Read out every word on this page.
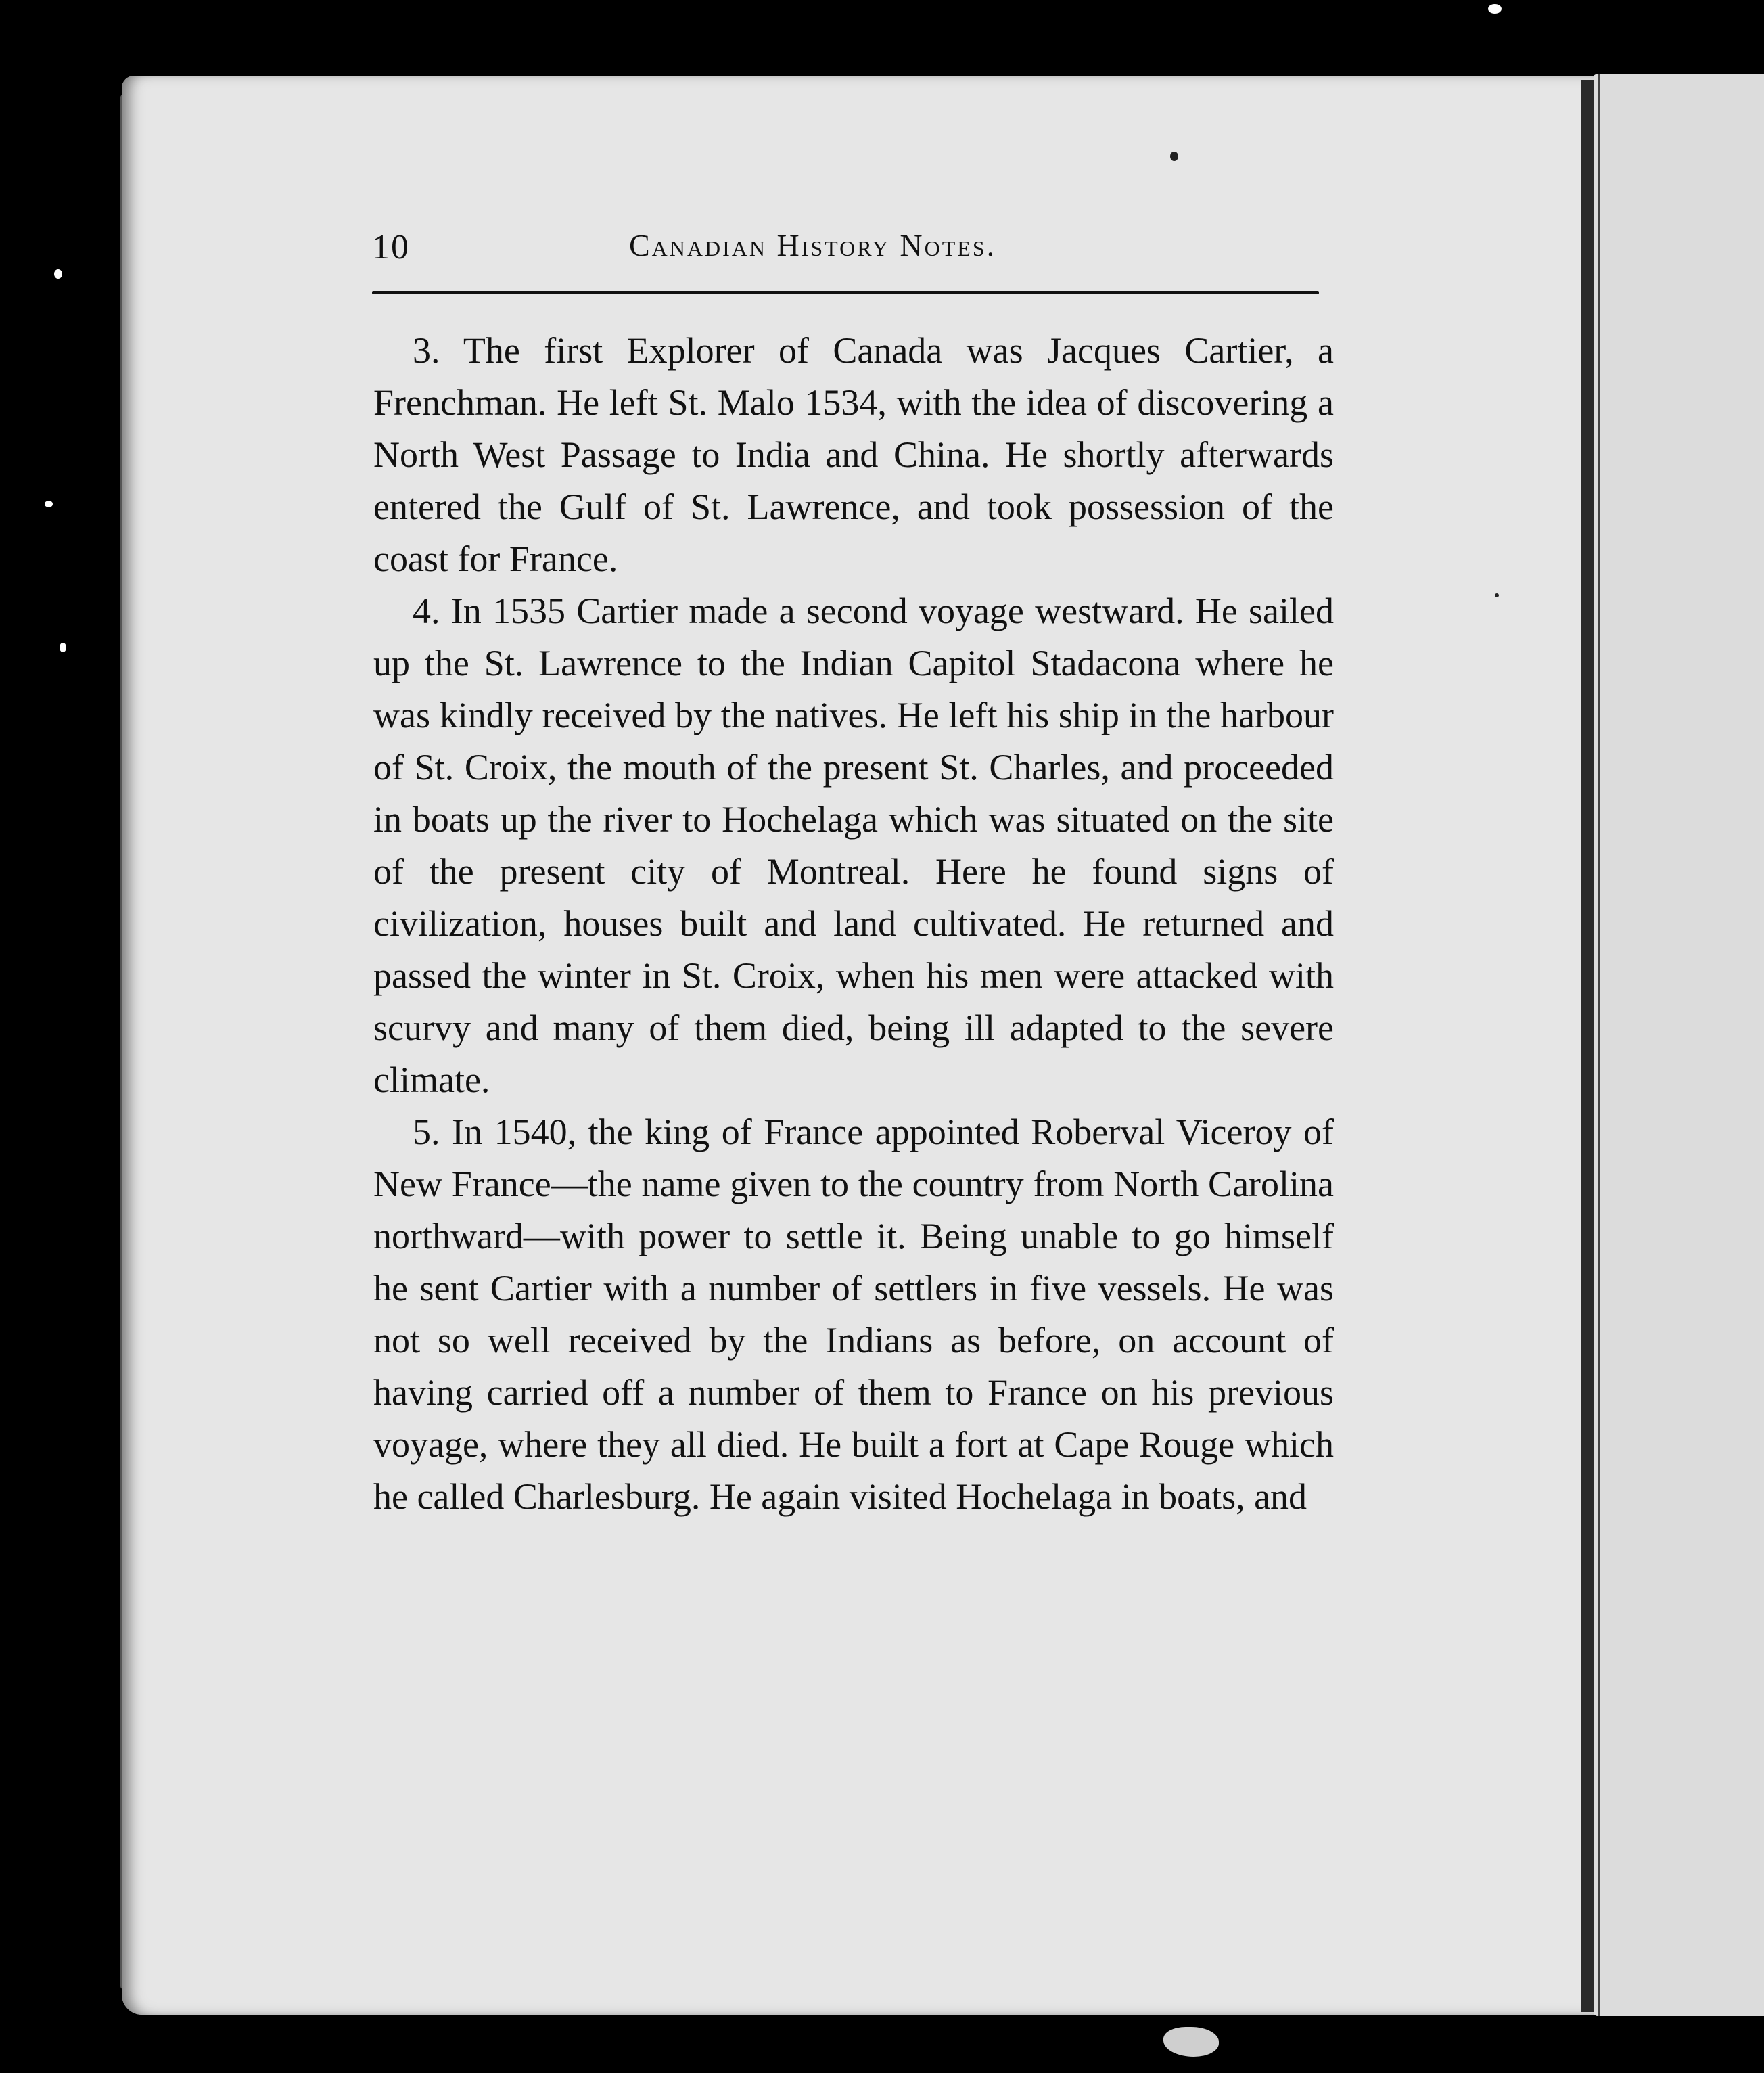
10	Canadian History Notes.

3. The first Explorer of Canada was Jacques Cartier, a Frenchman. He left St. Malo 1534, with the idea of discovering a North West Passage to India and China. He shortly afterwards entered the Gulf of St. Lawrence, and took possession of the coast for France.

4. In 1535 Cartier made a second voyage westward. He sailed up the St. Lawrence to the Indian Capitol Stadacona where he was kindly received by the natives. He left his ship in the harbour of St. Croix, the mouth of the present St. Charles, and proceeded in boats up the river to Hochelaga which was situated on the site of the present city of Montreal. Here he found signs of civilization, houses built and land cultivated. He returned and passed the winter in St. Croix, when his men were attacked with scurvy and many of them died, being ill adapted to the severe climate.

5. In 1540, the king of France appointed Roberval Viceroy of New France—the name given to the country from North Carolina northward—with power to settle it. Being unable to go himself he sent Cartier with a number of settlers in five vessels. He was not so well received by the Indians as before, on account of having carried off a number of them to France on his previous voyage, where they all died. He built a fort at Cape Rouge which he called Charlesburg. He again visited Hochelaga in boats, and
